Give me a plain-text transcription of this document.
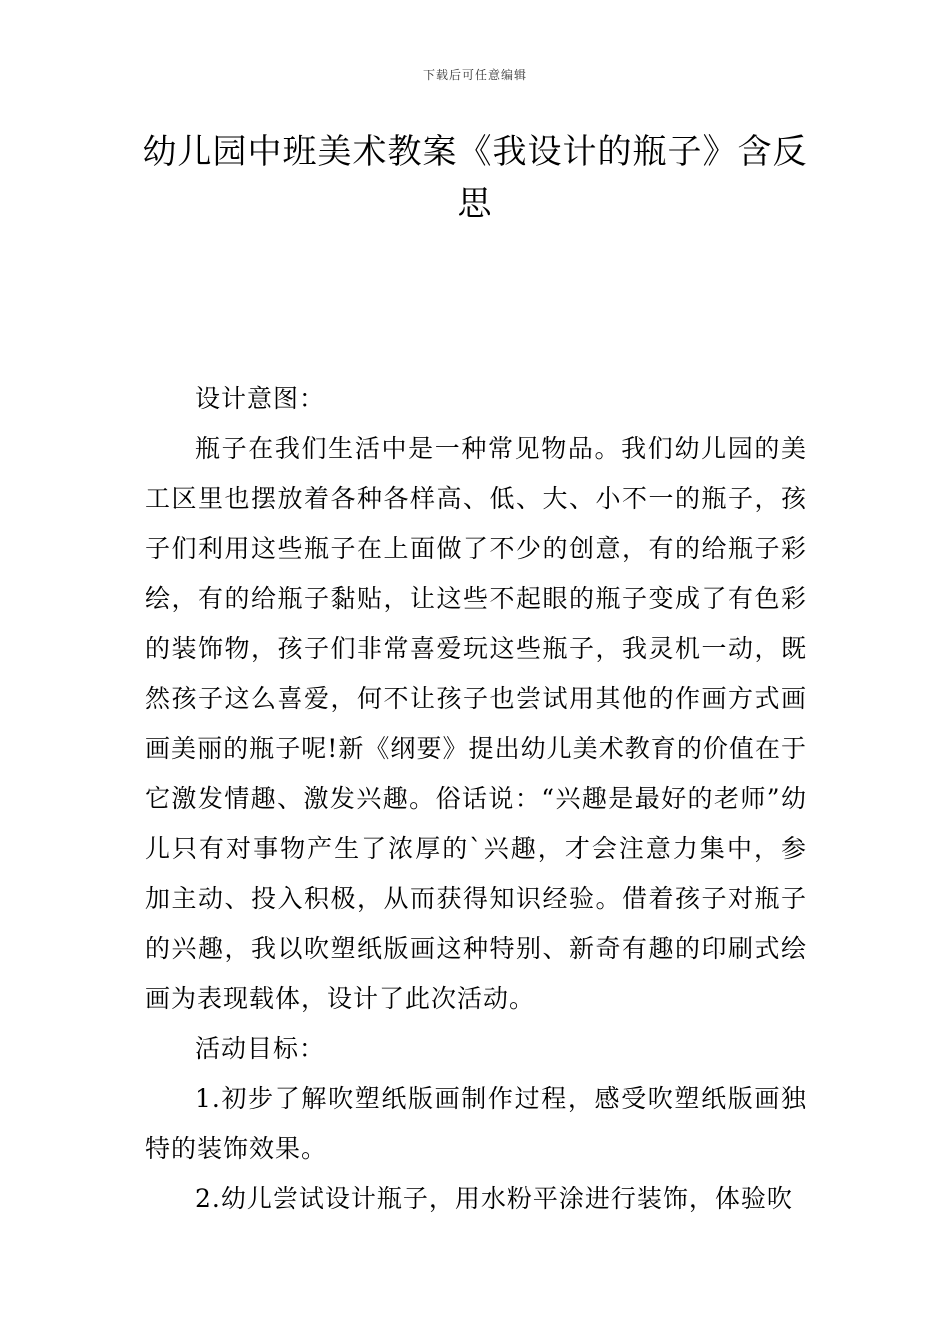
下载后可任意编辑
幼儿园中班美术教案《我设计的瓶子》含反思

设计意图：

瓶子在我们生活中是一种常见物品。我们幼儿园的美工区里也摆放着各种各样高、低、大、小不一的瓶子，孩子们利用这些瓶子在上面做了不少的创意，有的给瓶子彩绘，有的给瓶子黏贴，让这些不起眼的瓶子变成了有色彩的装饰物，孩子们非常喜爱玩这些瓶子，我灵机一动，既然孩子这么喜爱，何不让孩子也尝试用其他的作画方式画画美丽的瓶子呢!新《纲要》提出幼儿美术教育的价值在于它激发情趣、激发兴趣。俗话说：“兴趣是最好的老师”幼儿只有对事物产生了浓厚的`兴趣，才会注意力集中，参加主动、投入积极，从而获得知识经验。借着孩子对瓶子的兴趣，我以吹塑纸版画这种特别、新奇有趣的印刷式绘画为表现载体，设计了此次活动。

活动目标：

1.初步了解吹塑纸版画制作过程，感受吹塑纸版画独特的装饰效果。

2.幼儿尝试设计瓶子，用水粉平涂进行装饰，体验吹
